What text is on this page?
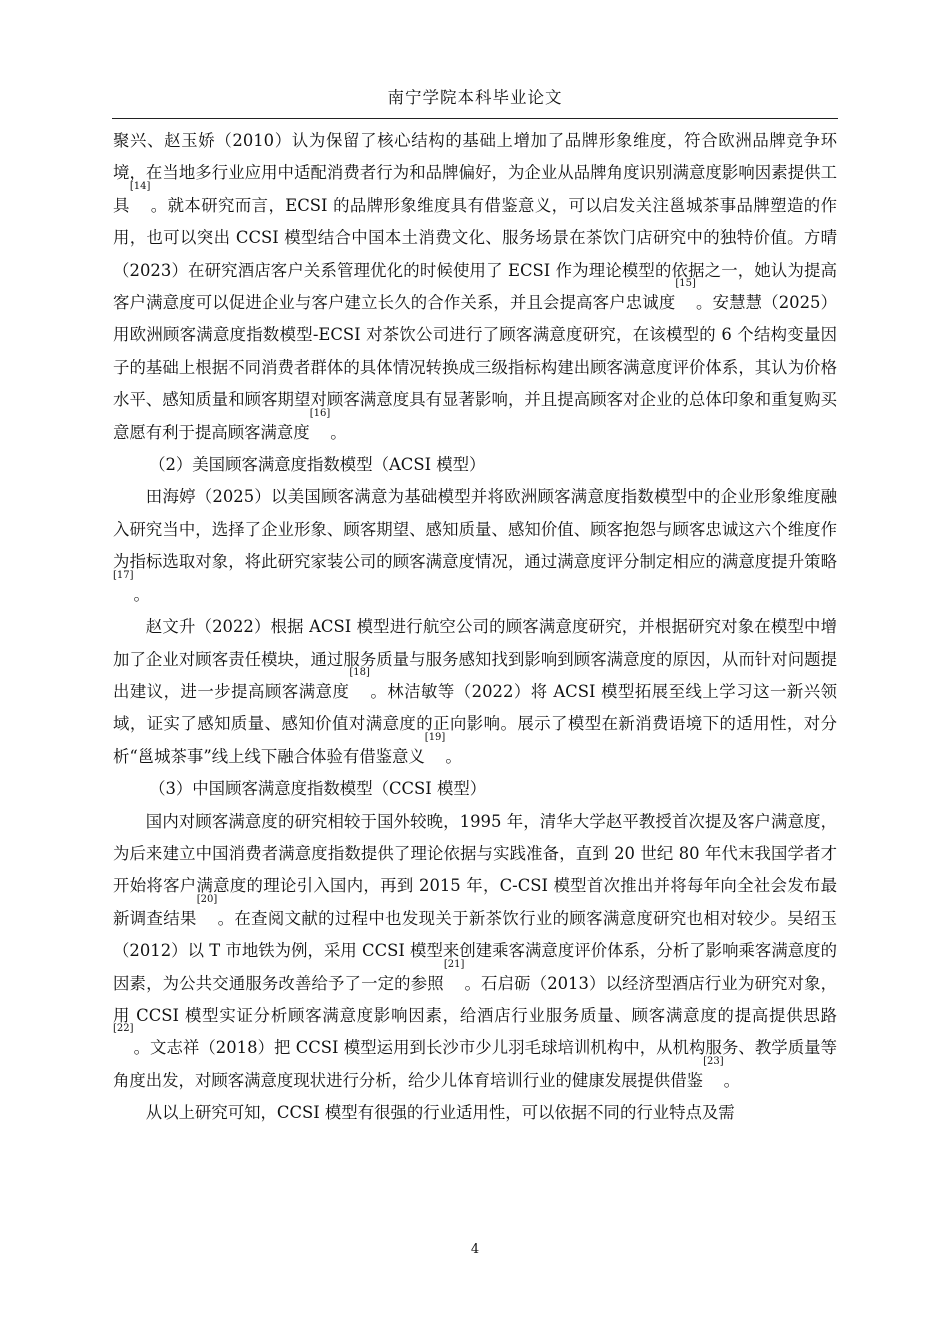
南宁学院本科毕业论文

聚兴、赵玉娇（2010）认为保留了核心结构的基础上增加了品牌形象维度，符合欧洲品牌竞争环境，在当地多行业应用中适配消费者行为和品牌偏好，为企业从品牌角度识别满意度影响因素提供工具[14]。就本研究而言，ECSI 的品牌形象维度具有借鉴意义，可以启发关注邕城茶事品牌塑造的作用，也可以突出 CCSI 模型结合中国本土消费文化、服务场景在茶饮门店研究中的独特价值。方晴（2023）在研究酒店客户关系管理优化的时候使用了 ECSI 作为理论模型的依据之一，她认为提高客户满意度可以促进企业与客户建立长久的合作关系，并且会提高客户忠诚度[15]。安慧慧（2025）用欧洲顾客满意度指数模型-ECSI 对茶饮公司进行了顾客满意度研究，在该模型的 6 个结构变量因子的基础上根据不同消费者群体的具体情况转换成三级指标构建出顾客满意度评价体系，其认为价格水平、感知质量和顾客期望对顾客满意度具有显著影响，并且提高顾客对企业的总体印象和重复购买意愿有利于提高顾客满意度[16]。

（2）美国顾客满意度指数模型（ACSI 模型）

田海婷（2025）以美国顾客满意为基础模型并将欧洲顾客满意度指数模型中的企业形象维度融入研究当中，选择了企业形象、顾客期望、感知质量、感知价值、顾客抱怨与顾客忠诚这六个维度作为指标选取对象，将此研究家装公司的顾客满意度情况，通过满意度评分制定相应的满意度提升策略[17]。

赵文升（2022）根据 ACSI 模型进行航空公司的顾客满意度研究，并根据研究对象在模型中增加了企业对顾客责任模块，通过服务质量与服务感知找到影响到顾客满意度的原因，从而针对问题提出建议，进一步提高顾客满意度[18]。林洁敏等（2022）将 ACSI 模型拓展至线上学习这一新兴领域，证实了感知质量、感知价值对满意度的正向影响。展示了模型在新消费语境下的适用性，对分析“邕城茶事”线上线下融合体验有借鉴意义[19]。

（3）中国顾客满意度指数模型（CCSI 模型）

国内对顾客满意度的研究相较于国外较晚，1995 年，清华大学赵平教授首次提及客户满意度，为后来建立中国消费者满意度指数提供了理论依据与实践准备，直到 20 世纪 80 年代末我国学者才开始将客户满意度的理论引入国内，再到 2015 年，C-CSI 模型首次推出并将每年向全社会发布最新调查结果[20]。在查阅文献的过程中也发现关于新茶饮行业的顾客满意度研究也相对较少。吴绍玉（2012）以 T 市地铁为例，采用 CCSI 模型来创建乘客满意度评价体系，分析了影响乘客满意度的因素，为公共交通服务改善给予了一定的参照[21]。石启砺（2013）以经济型酒店行业为研究对象，用 CCSI 模型实证分析顾客满意度影响因素，给酒店行业服务质量、顾客满意度的提高提供思路[22]。文志祥（2018）把 CCSI 模型运用到长沙市少儿羽毛球培训机构中，从机构服务、教学质量等角度出发，对顾客满意度现状进行分析，给少儿体育培训行业的健康发展提供借鉴[23]。

从以上研究可知，CCSI 模型有很强的行业适用性，可以依据不同的行业特点及需

4
